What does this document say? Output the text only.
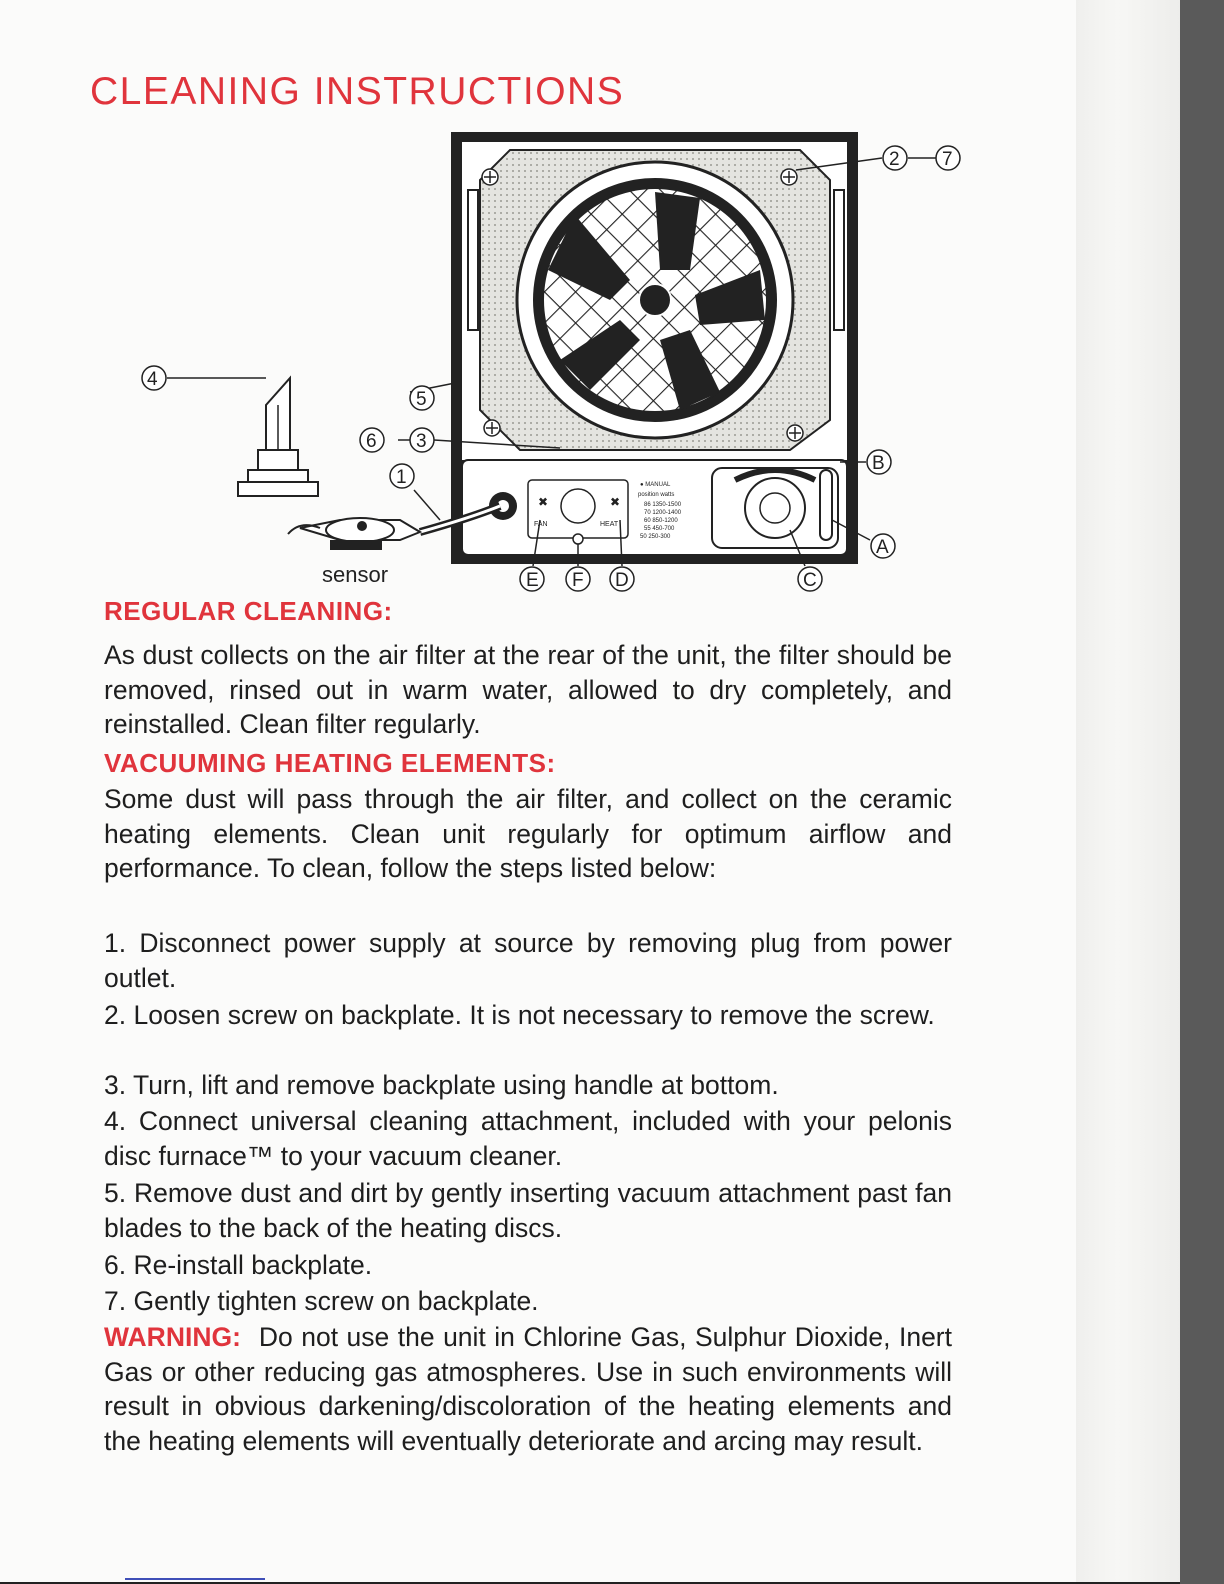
CLEANING INSTRUCTIONS
✖	✖
FAN	HEAT
● MANUAL
position watts
86 1350-1500
70 1200-1400
60 850-1200
55 450-700
50 250-300
4
2 7
5
6 3
1
B
A
C
E F D
sensor
REGULAR CLEANING:

As dust collects on the air filter at the rear of the unit, the filter should be removed, rinsed out in warm water, allowed to dry completely, and reinstalled. Clean filter regularly.

VACUUMING HEATING ELEMENTS:

Some dust will pass through the air filter, and collect on the ceramic heating elements. Clean unit regularly for optimum airflow and performance. To clean, follow the steps listed below:

1. Disconnect power supply at source by removing plug from power outlet.

2. Loosen screw on backplate. It is not necessary to remove the screw.

3. Turn, lift and remove backplate using handle at bottom.

4. Connect universal cleaning attachment, included with your pelonis disc furnace™ to your vacuum cleaner.

5. Remove dust and dirt by gently inserting vacuum attachment past fan blades to the back of the heating discs.

6. Re-install backplate.

7. Gently tighten screw on backplate.

WARNING: Do not use the unit in Chlorine Gas, Sulphur Dioxide, Inert Gas or other reducing gas atmospheres. Use in such environments will result in obvious darkening/discoloration of the heating elements and the heating elements will eventually deteriorate and arcing may result.
